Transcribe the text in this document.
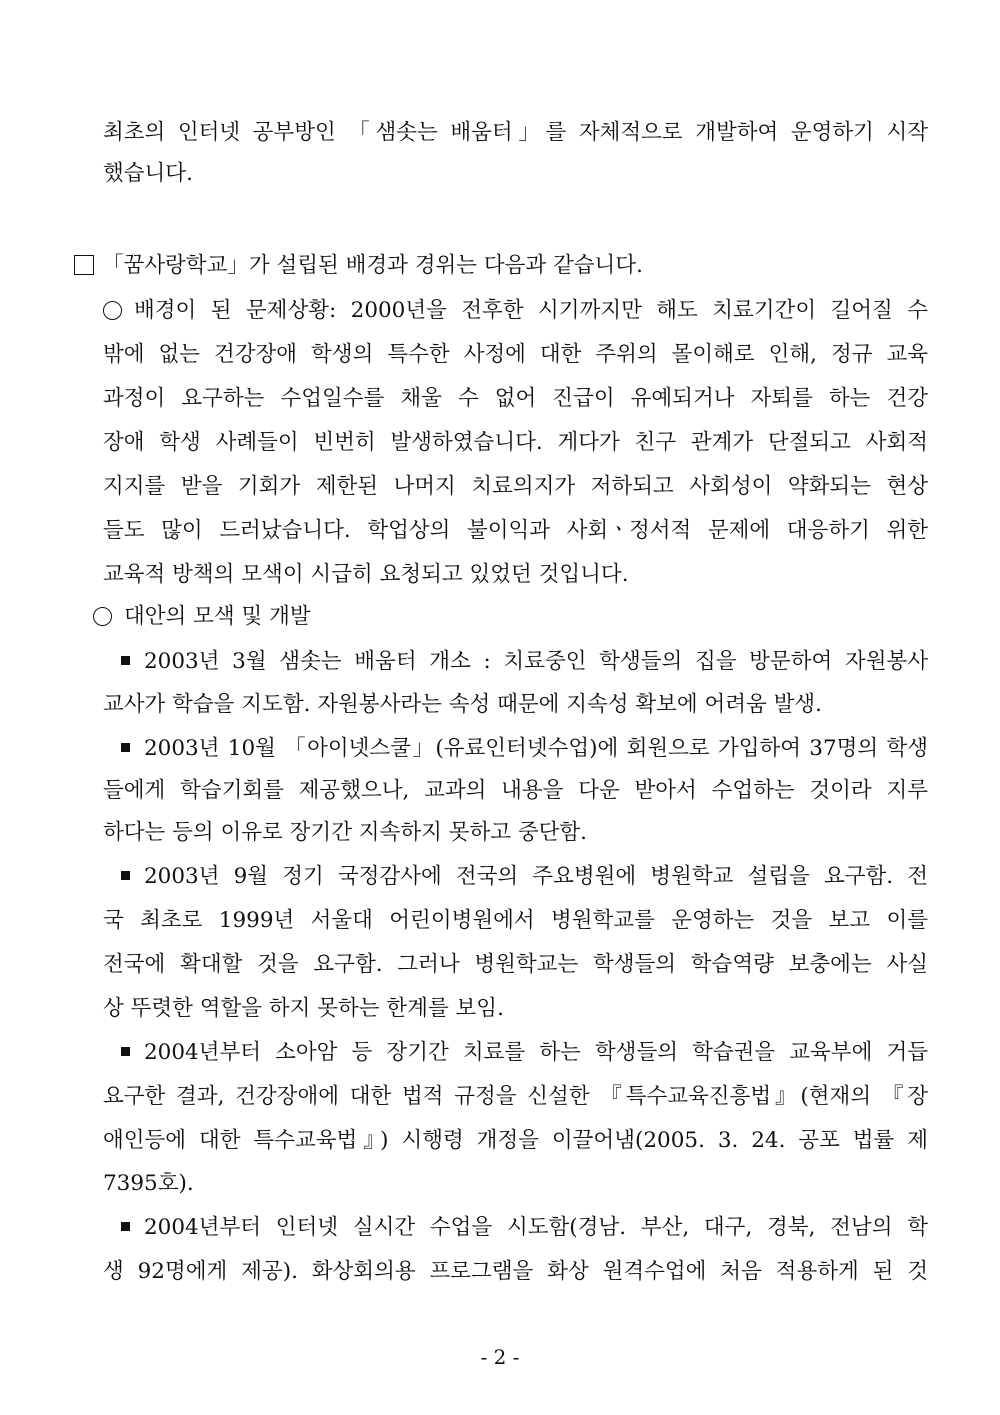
최초의 인터넷 공부방인 「샘솟는 배움터」를 자체적으로 개발하여 운영하기 시작
했습니다.
「꿈사랑학교」가 설립된 배경과 경위는 다음과 같습니다.
배경이 된 문제상황: 2000년을 전후한 시기까지만 해도 치료기간이 길어질 수
밖에 없는 건강장애 학생의 특수한 사정에 대한 주위의 몰이해로 인해, 정규 교육
과정이 요구하는 수업일수를 채울 수 없어 진급이 유예되거나 자퇴를 하는 건강
장애 학생 사례들이 빈번히 발생하였습니다. 게다가 친구 관계가 단절되고 사회적
지지를 받을 기회가 제한된 나머지 치료의지가 저하되고 사회성이 약화되는 현상
들도 많이 드러났습니다. 학업상의 불이익과 사회ㆍ정서적 문제에 대응하기 위한
교육적 방책의 모색이 시급히 요청되고 있었던 것입니다.
대안의 모색 및 개발
2003년 3월 샘솟는 배움터 개소 : 치료중인 학생들의 집을 방문하여 자원봉사
교사가 학습을 지도함. 자원봉사라는 속성 때문에 지속성 확보에 어려움 발생.
2003년 10월 「아이넷스쿨」(유료인터넷수업)에 회원으로 가입하여 37명의 학생
들에게 학습기회를 제공했으나, 교과의 내용을 다운 받아서 수업하는 것이라 지루
하다는 등의 이유로 장기간 지속하지 못하고 중단함.
2003년 9월 정기 국정감사에 전국의 주요병원에 병원학교 설립을 요구함. 전
국 최초로 1999년 서울대 어린이병원에서 병원학교를 운영하는 것을 보고 이를
전국에 확대할 것을 요구함. 그러나 병원학교는 학생들의 학습역량 보충에는 사실
상 뚜렷한 역할을 하지 못하는 한계를 보임.
2004년부터 소아암 등 장기간 치료를 하는 학생들의 학습권을 교육부에 거듭
요구한 결과, 건강장애에 대한 법적 규정을 신설한 『특수교육진흥법』(현재의 『장
애인등에 대한 특수교육법』) 시행령 개정을 이끌어냄(2005. 3. 24. 공포 법률 제
7395호).
2004년부터 인터넷 실시간 수업을 시도함(경남. 부산, 대구, 경북, 전남의 학
생 92명에게 제공). 화상회의용 프로그램을 화상 원격수업에 처음 적용하게 된 것
- 2 -
